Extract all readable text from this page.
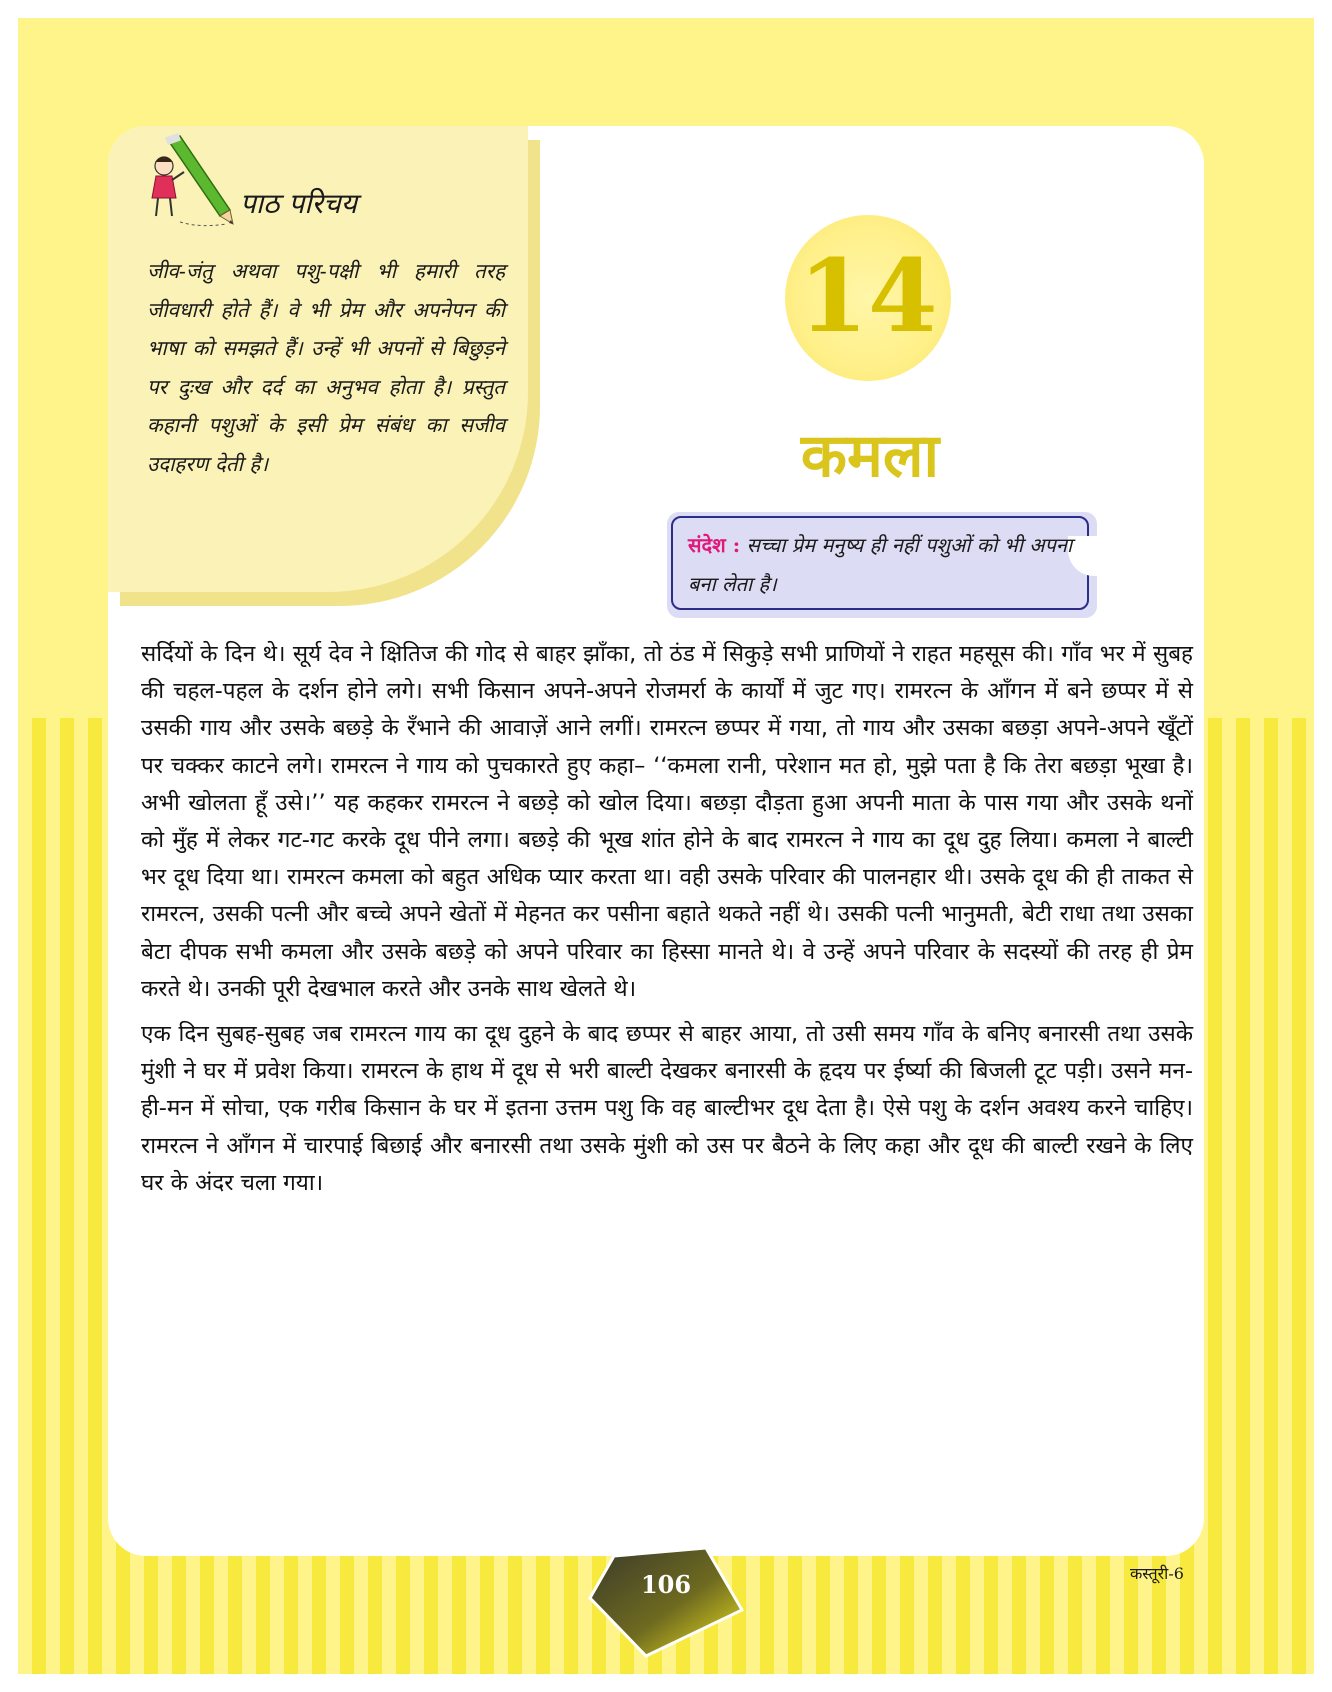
पाठ परिचय
जीव-जंतु अथवा पशु-पक्षी भी हमारी तरह जीवधारी होते हैं। वे भी प्रेम और अपनेपन की भाषा को समझते हैं। उन्हें भी अपनों से बिछुड़ने पर दुःख और दर्द का अनुभव होता है। प्रस्तुत कहानी पशुओं के इसी प्रेम संबंध का सजीव उदाहरण देती है।
14
कमला
संदेश : सच्चा प्रेम मनुष्य ही नहीं पशुओं को भी अपना बना लेता है।

सर्दियों के दिन थे। सूर्य देव ने क्षितिज की गोद से बाहर झाँका, तो ठंड में सिकुड़े सभी प्राणियों ने राहत महसूस की। गाँव भर में सुबह की चहल-पहल के दर्शन होने लगे। सभी किसान अपने-अपने रोजमर्रा के कार्यों में जुट गए। रामरत्न के आँगन में बने छप्पर में से उसकी गाय और उसके बछड़े के रँभाने की आवाज़ें आने लगीं। रामरत्न छप्पर में गया, तो गाय और उसका बछड़ा अपने-अपने खूँटों पर चक्कर काटने लगे। रामरत्न ने गाय को पुचकारते हुए कहा– ‘‘कमला रानी, परेशान मत हो, मुझे पता है कि तेरा बछड़ा भूखा है। अभी खोलता हूँ उसे।’’ यह कहकर रामरत्न ने बछड़े को खोल दिया। बछड़ा दौड़ता हुआ अपनी माता के पास गया और उसके थनों को मुँह में लेकर गट-गट करके दूध पीने लगा। बछड़े की भूख शांत होने के बाद रामरत्न ने गाय का दूध दुह लिया। कमला ने बाल्टी भर दूध दिया था। रामरत्न कमला को बहुत अधिक प्यार करता था। वही उसके परिवार की पालनहार थी। उसके दूध की ही ताकत से रामरत्न, उसकी पत्नी और बच्चे अपने खेतों में मेहनत कर पसीना बहाते थकते नहीं थे। उसकी पत्नी भानुमती, बेटी राधा तथा उसका बेटा दीपक सभी कमला और उसके बछड़े को अपने परिवार का हिस्सा मानते थे। वे उन्हें अपने परिवार के सदस्यों की तरह ही प्रेम करते थे। उनकी पूरी देखभाल करते और उनके साथ खेलते थे।

एक दिन सुबह-सुबह जब रामरत्न गाय का दूध दुहने के बाद छप्पर से बाहर आया, तो उसी समय गाँव के बनिए बनारसी तथा उसके मुंशी ने घर में प्रवेश किया। रामरत्न के हाथ में दूध से भरी बाल्टी देखकर बनारसी के हृदय पर ईर्ष्या की बिजली टूट पड़ी। उसने मन-ही-मन में सोचा, एक गरीब किसान के घर में इतना उत्तम पशु कि वह बाल्टीभर दूध देता है। ऐसे पशु के दर्शन अवश्य करने चाहिए। रामरत्न ने आँगन में चारपाई बिछाई और बनारसी तथा उसके मुंशी को उस पर बैठने के लिए कहा और दूध की बाल्टी रखने के लिए घर के अंदर चला गया।

कस्तूरी-6
106
